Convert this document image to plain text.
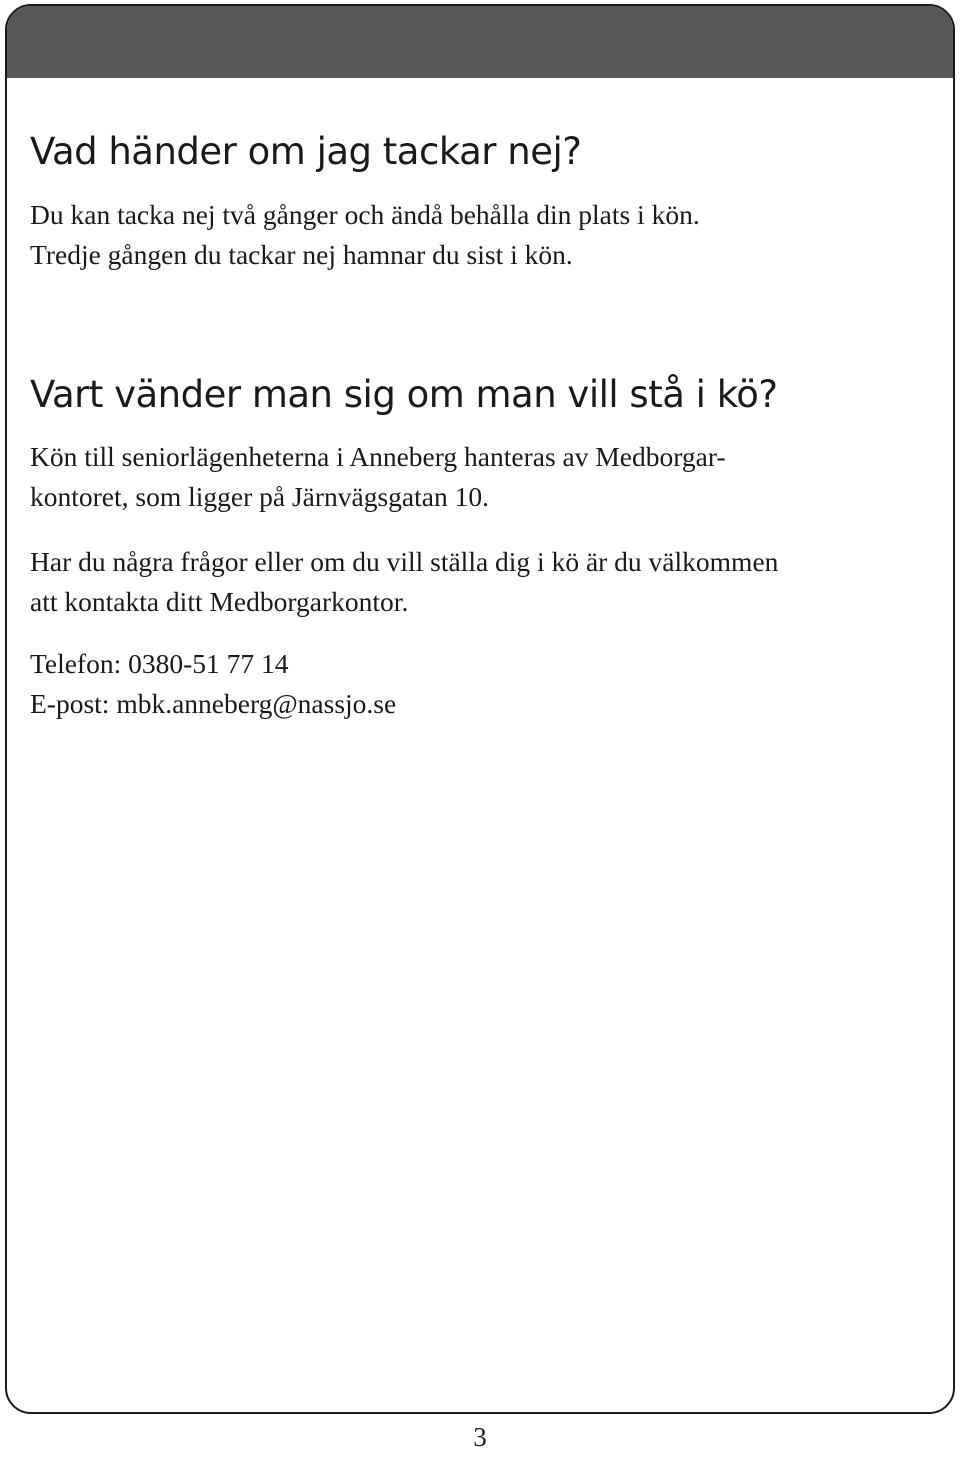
Vad händer om jag tackar nej?

Du kan tacka nej två gånger och ändå behålla din plats i kön.
Tredje gången du tackar nej hamnar du sist i kön.

Vart vänder man sig om man vill stå i kö?

Kön till seniorlägenheterna i Anneberg hanteras av Medborgar-
kontoret, som ligger på Järnvägsgatan 10.

Har du några frågor eller om du vill ställa dig i kö är du välkommen
att kontakta ditt Medborgarkontor.

Telefon: 0380-51 77 14
E-post: mbk.anneberg@nassjo.se

3
